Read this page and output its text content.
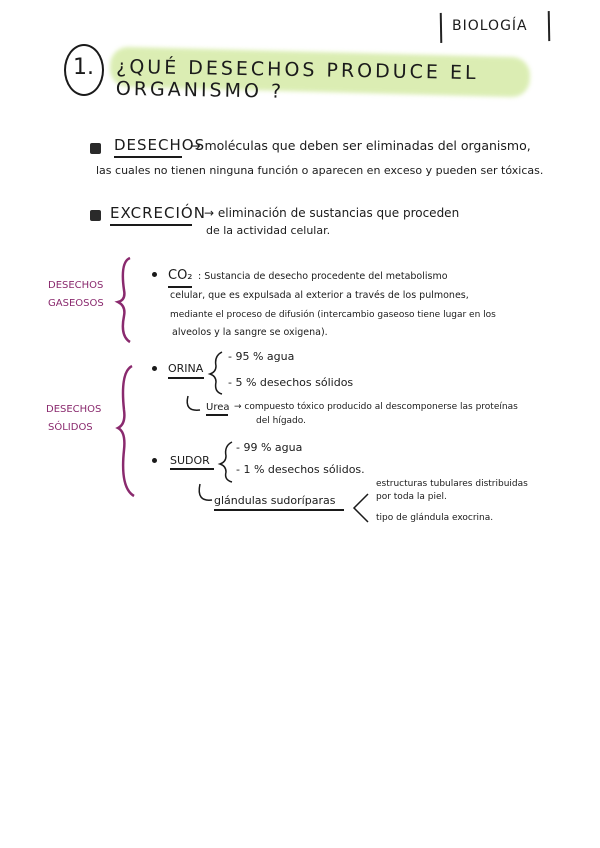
BIOLOGÍA
1. ¿QUÉ DESECHOS PRODUCE EL ORGANISMO ?
DESECHOS
→ moléculas que deben ser eliminadas del organismo,
las cuales no tienen ninguna función o aparecen en exceso y pueden ser tóxicas.
EXCRECIÓN
→ eliminación de sustancias que proceden
de la actividad celular.
DESECHOS
GASEOSOS
CO₂ : Sustancia de desecho procedente del metabolismo
celular, que es expulsada al exterior a través de los pulmones,
mediante el proceso de difusión (intercambio gaseoso tiene lugar en los
alveolos y la sangre se oxigena).
DESECHOS
SÓLIDOS
ORINA
- 95 % agua
- 5 % desechos sólidos
Urea → compuesto tóxico producido al descomponerse las proteínas
del hígado.
SUDOR
- 99 % agua
- 1 % desechos sólidos.
glándulas sudoríparas
estructuras tubulares distribuidas
por toda la piel.
tipo de glándula exocrina.
